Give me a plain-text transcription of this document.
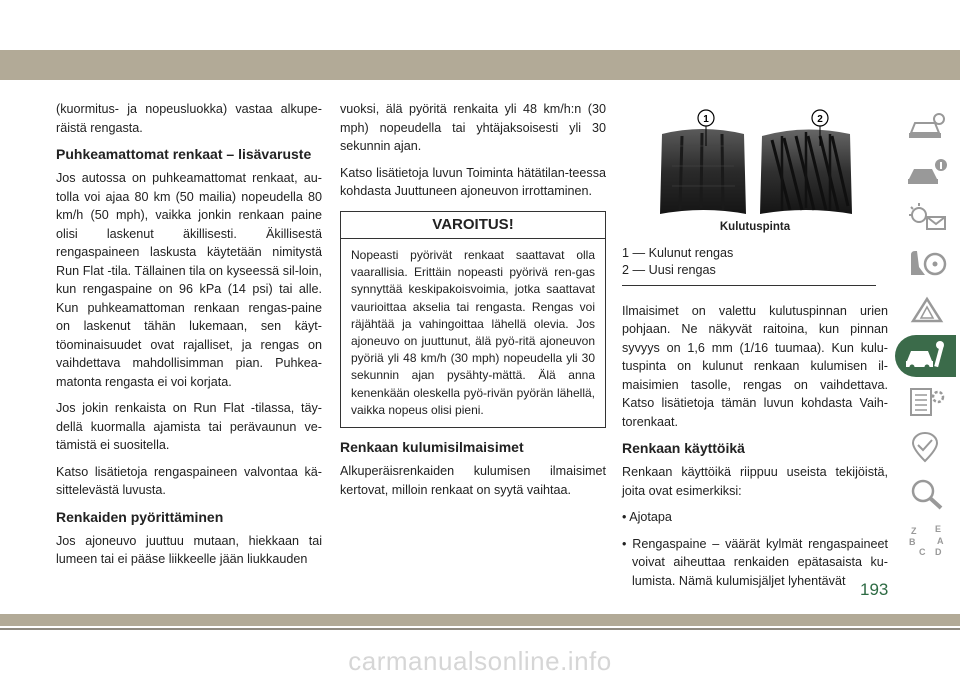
(kuormitus- ja nopeusluokka) vastaa alkupe-räistä rengasta.

Puhkeamattomat renkaat – lisävaruste

Jos autossa on puhkeamattomat renkaat, au-tolla voi ajaa 80 km (50 mailia) nopeudella 80 km/h (50 mph), vaikka jonkin renkaan paine olisi laskenut äkillisesti. Äkillisestä rengaspaineen laskusta käytetään nimitystä Run Flat -tila. Tällainen tila on kyseessä sil-loin, kun rengaspaine on 96 kPa (14 psi) tai alle. Kun puhkeamattoman renkaan rengas-paine on laskenut tähän lukemaan, sen käyt-töominaisuudet ovat rajalliset, ja rengas on vaihdettava mahdollisimman pian. Puhkea-matonta rengasta ei voi korjata.

Jos jokin renkaista on Run Flat -tilassa, täy-dellä kuormalla ajamista tai perävaunun ve-tämistä ei suositella.

Katso lisätietoja rengaspaineen valvontaa kä-sittelevästä luvusta.

Renkaiden pyörittäminen

Jos ajoneuvo juuttuu mutaan, hiekkaan tai lumeen tai ei pääse liikkeelle jään liukkauden

vuoksi, älä pyöritä renkaita yli 48 km/h:n (30 mph) nopeudella tai yhtäjaksoisesti yli 30 sekunnin ajan.

Katso lisätietoja luvun Toiminta hätätilan-teessa kohdasta Juuttuneen ajoneuvon irrottaminen.

VAROITUS!
Nopeasti pyörivät renkaat saattavat olla vaarallisia. Erittäin nopeasti pyörivä ren-gas synnyttää keskipakoisvoimia, jotka saattavat vaurioittaa akselia tai rengasta. Rengas voi räjähtää ja vahingoittaa lähellä olevia. Jos ajoneuvo on juuttunut, älä pyö-ritä ajoneuvon pyöriä yli 48 km/h (30 mph) nopeudella yli 30 sekunnin ajan pysähty-mättä. Älä anna kenenkään oleskella pyö-rivän pyörän lähellä, vaikka nopeus olisi pieni.
Renkaan kulumisilmaisimet

Alkuperäisrenkaiden kulumisen ilmaisimet kertovat, milloin renkaat on syytä vaihtaa.

1	2
Kulutuspinta
1 — Kulunut rengas
2 — Uusi rengas

Ilmaisimet on valettu kulutuspinnan urien pohjaan. Ne näkyvät raitoina, kun pinnan syvyys on 1,6 mm (1/16 tuumaa). Kun kulu-tuspinta on kulunut renkaan kulumisen il-maisimien tasolle, rengas on vaihdettava. Katso lisätietoja tämän luvun kohdasta Vaih-torenkaat.

Renkaan käyttöikä

Renkaan käyttöikä riippuu useista tekijöistä, joita ovat esimerkiksi:

• Ajotapa

• Rengaspaine – väärät kylmät rengaspaineet voivat aiheuttaa renkaiden epätasaista ku-lumista. Nämä kulumisjäljet lyhentävät

Z E
B A
C D
193
carmanualsonline.info
